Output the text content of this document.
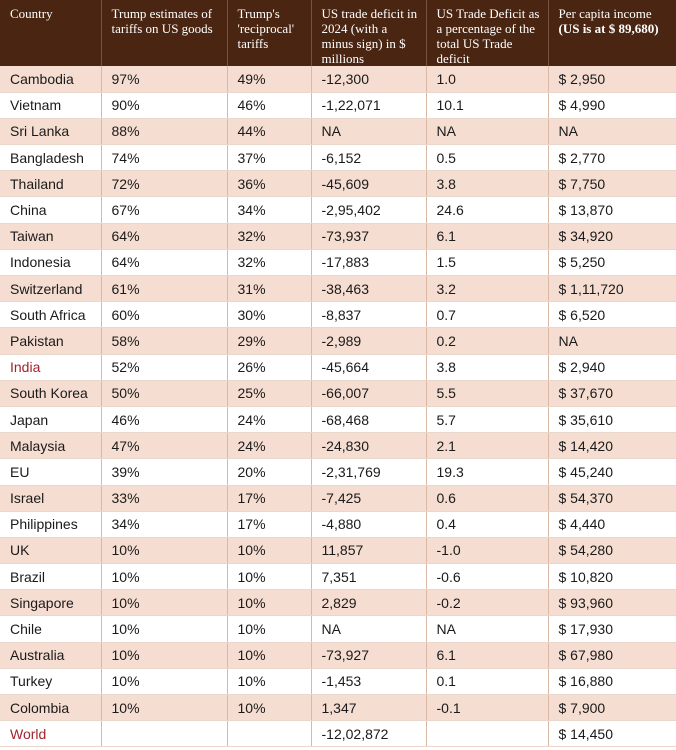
Country	Trump estimates of tariffs on US goods	Trump's 'reciprocal' tariffs	US trade deficit in 2024 (with a minus sign) in $ millions	US Trade Deficit as a percentage of the total US Trade deficit	Per capita income
(US is at $ 89,680)
Cambodia	97%	49%	-12,300	1.0	$ 2,950
Vietnam	90%	46%	-1,22,071	10.1	$ 4,990
Sri Lanka	88%	44%	NA	NA	NA
Bangladesh	74%	37%	-6,152	0.5	$ 2,770
Thailand	72%	36%	-45,609	3.8	$ 7,750
China	67%	34%	-2,95,402	24.6	$ 13,870
Taiwan	64%	32%	-73,937	6.1	$ 34,920
Indonesia	64%	32%	-17,883	1.5	$ 5,250
Switzerland	61%	31%	-38,463	3.2	$ 1,11,720
South Africa	60%	30%	-8,837	0.7	$ 6,520
Pakistan	58%	29%	-2,989	0.2	NA
India	52%	26%	-45,664	3.8	$ 2,940
South Korea	50%	25%	-66,007	5.5	$ 37,670
Japan	46%	24%	-68,468	5.7	$ 35,610
Malaysia	47%	24%	-24,830	2.1	$ 14,420
EU	39%	20%	-2,31,769	19.3	$ 45,240
Israel	33%	17%	-7,425	0.6	$ 54,370
Philippines	34%	17%	-4,880	0.4	$ 4,440
UK	10%	10%	11,857	-1.0	$ 54,280
Brazil	10%	10%	7,351	-0.6	$ 10,820
Singapore	10%	10%	2,829	-0.2	$ 93,960
Chile	10%	10%	NA	NA	$ 17,930
Australia	10%	10%	-73,927	6.1	$ 67,980
Turkey	10%	10%	-1,453	0.1	$ 16,880
Colombia	10%	10%	1,347	-0.1	$ 7,900
World			-12,02,872		$ 14,450
